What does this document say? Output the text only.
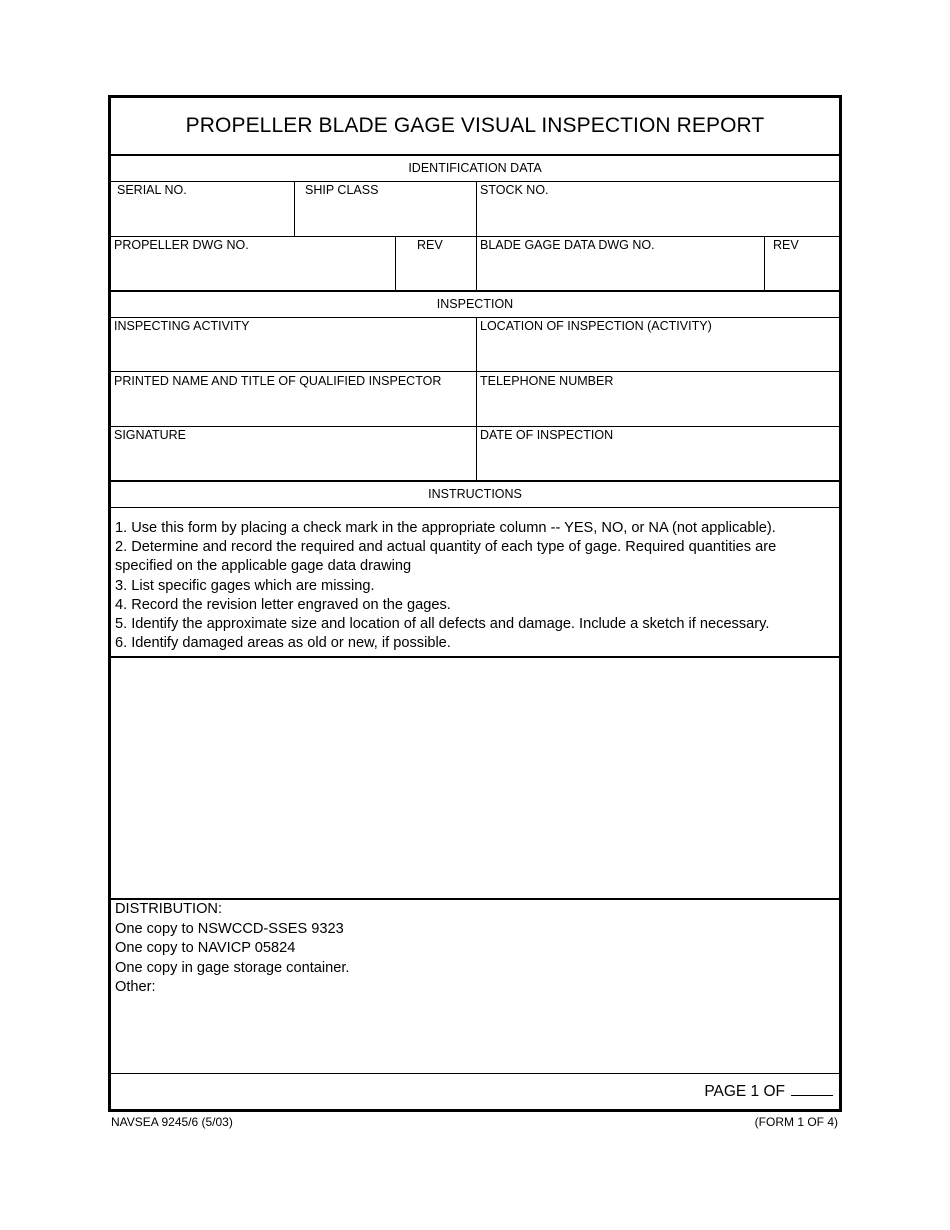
PROPELLER BLADE GAGE VISUAL INSPECTION REPORT
IDENTIFICATION DATA
SERIAL NO.	SHIP CLASS	STOCK NO.
PROPELLER DWG NO.	REV	BLADE GAGE DATA DWG NO.	REV
INSPECTION
INSPECTING ACTIVITY	LOCATION OF INSPECTION (ACTIVITY)
PRINTED NAME AND TITLE OF QUALIFIED INSPECTOR	TELEPHONE NUMBER
SIGNATURE	DATE OF INSPECTION
INSTRUCTIONS
1. Use this form by placing a check mark in the appropriate column -- YES, NO, or NA (not applicable).
2. Determine and record the required and actual quantity of each type of gage. Required quantities are specified on the applicable gage data drawing
3. List specific gages which are missing.
4. Record the revision letter engraved on the gages.
5. Identify the approximate size and location of all defects and damage. Include a sketch if necessary.
6. Identify damaged areas as old or new, if possible.
DISTRIBUTION:
One copy to NSWCCD-SSES 9323
One copy to NAVICP 05824
One copy in gage storage container.
Other:
PAGE 1 OF
NAVSEA 9245/6 (5/03)	(FORM 1 OF 4)
